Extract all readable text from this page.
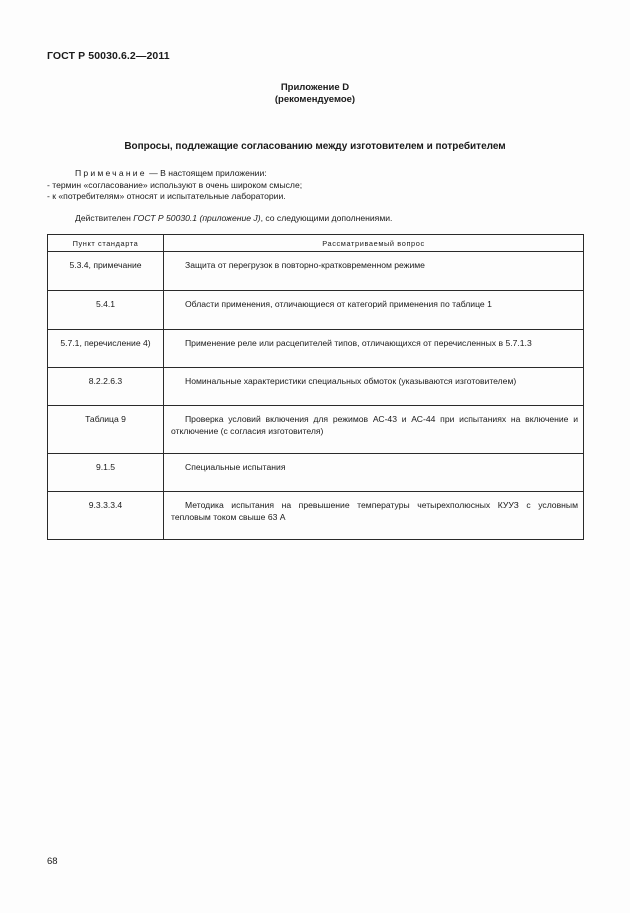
ГОСТ Р 50030.6.2—2011
Приложение D
(рекомендуемое)
Вопросы, подлежащие согласованию между изготовителем и потребителем
Примечание — В настоящем приложении:
- термин «согласование» используют в очень широком смысле;
- к «потребителям» относят и испытательные лаборатории.
Действителен ГОСТ Р 50030.1 (приложение J), со следующими дополнениями.
Пункт стандарта	Рассматриваемый вопрос
5.3.4, примечание	Защита от перегрузок в повторно-кратковременном режиме

5.4.1	Области применения, отличающиеся от категорий применения по таблице 1

5.7.1, перечисление 4)	Применение реле или расцепителей типов, отличающихся от перечисленных в 5.7.1.3

8.2.2.6.3	Номинальные характеристики специальных обмоток (указываются изготовителем)

Таблица 9	Проверка условий включения для режимов АС-43 и АС-44 при испытаниях на включение и отключение (с согласия изготовителя)

9.1.5	Специальные испытания

9.3.3.3.4	Методика испытания на превышение температуры четырехполюсных КУУЗ с условным тепловым током свыше 63 А
68
